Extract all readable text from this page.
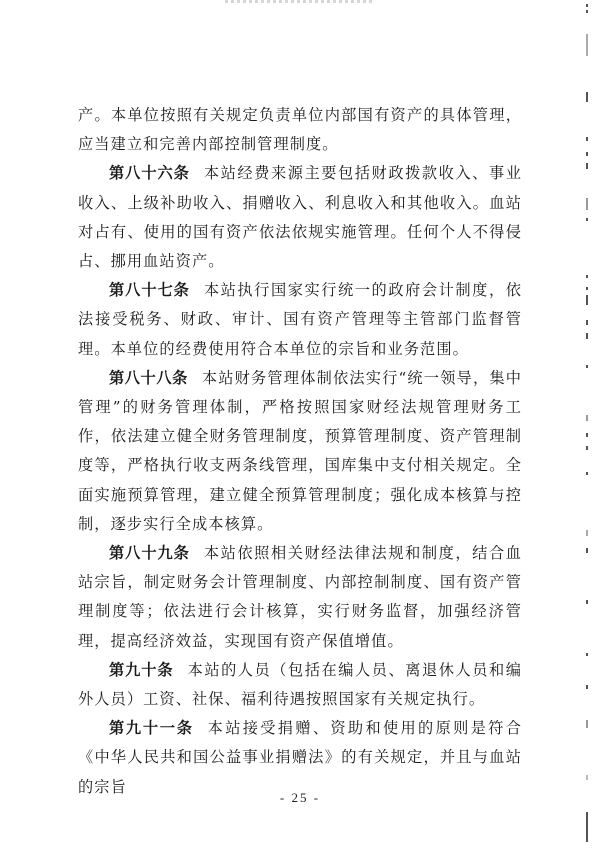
产。本单位按照有关规定负责单位内部国有资产的具体管理，应当建立和完善内部控制管理制度。

第八十六条 本站经费来源主要包括财政拨款收入、事业收入、上级补助收入、捐赠收入、利息收入和其他收入。血站对占有、使用的国有资产依法依规实施管理。任何个人不得侵占、挪用血站资产。

第八十七条 本站执行国家实行统一的政府会计制度，依法接受税务、财政、审计、国有资产管理等主管部门监督管理。本单位的经费使用符合本单位的宗旨和业务范围。

第八十八条 本站财务管理体制依法实行“统一领导，集中管理”的财务管理体制，严格按照国家财经法规管理财务工作，依法建立健全财务管理制度，预算管理制度、资产管理制度等，严格执行收支两条线管理，国库集中支付相关规定。全面实施预算管理，建立健全预算管理制度；强化成本核算与控制，逐步实行全成本核算。

第八十九条 本站依照相关财经法律法规和制度，结合血站宗旨，制定财务会计管理制度、内部控制制度、国有资产管理制度等；依法进行会计核算，实行财务监督，加强经济管理，提高经济效益，实现国有资产保值增值。

第九十条 本站的人员（包括在编人员、离退休人员和编外人员）工资、社保、福利待遇按照国家有关规定执行。

第九十一条 本站接受捐赠、资助和使用的原则是符合《中华人民共和国公益事业捐赠法》的有关规定，并且与血站的宗旨

- 25 -
